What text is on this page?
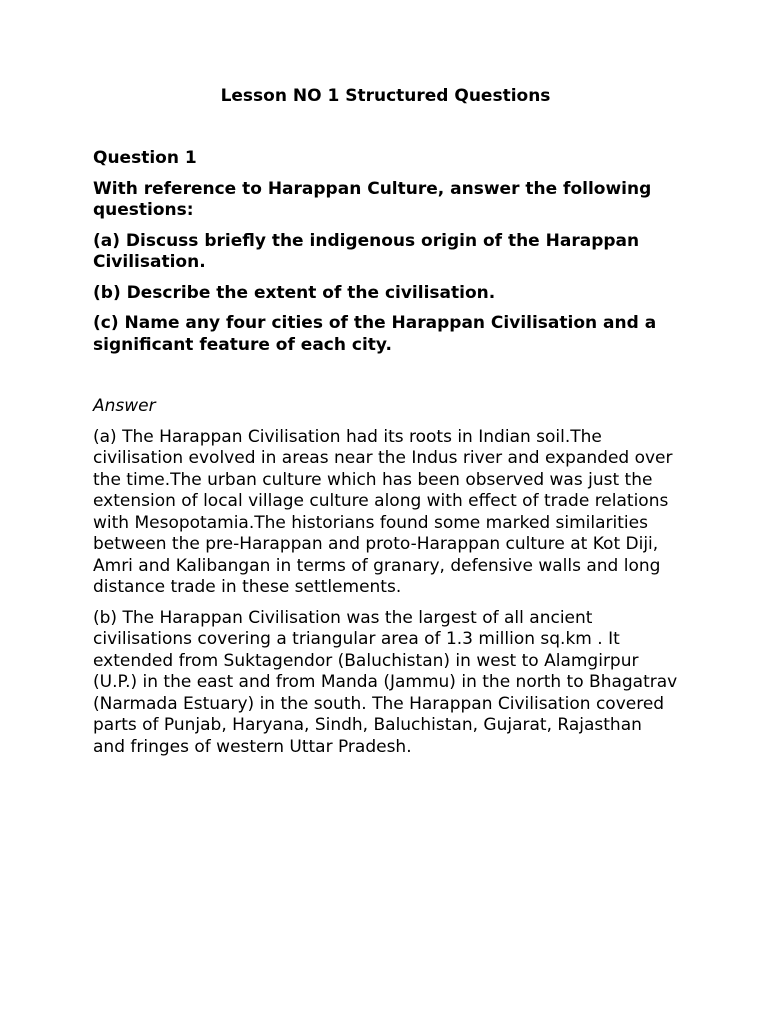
Lesson NO 1 Structured Questions

Question 1

With reference to Harappan Culture, answer the following questions:

(a) Discuss briefly the indigenous origin of the Harappan Civilisation.

(b) Describe the extent of the civilisation.

(c) Name any four cities of the Harappan Civilisation and a significant feature of each city.

Answer

(a) The Harappan Civilisation had its roots in Indian soil.The civilisation evolved in areas near the Indus river and expanded over the time.The urban culture which has been observed was just the extension of local village culture along with effect of trade relations with Mesopotamia.The historians found some marked similarities between the pre-Harappan and proto-Harappan culture at Kot Diji, Amri and Kalibangan in terms of granary, defensive walls and long distance trade in these settlements.

(b) The Harappan Civilisation was the largest of all ancient civilisations covering a triangular area of 1.3 million sq.km . It extended from Suktagendor (Baluchistan) in west to Alamgirpur (U.P.) in the east and from Manda (Jammu) in the north to Bhagatrav (Narmada Estuary) in the south. The Harappan Civilisation covered parts of Punjab, Haryana, Sindh, Baluchistan, Gujarat, Rajasthan and fringes of western Uttar Pradesh.
